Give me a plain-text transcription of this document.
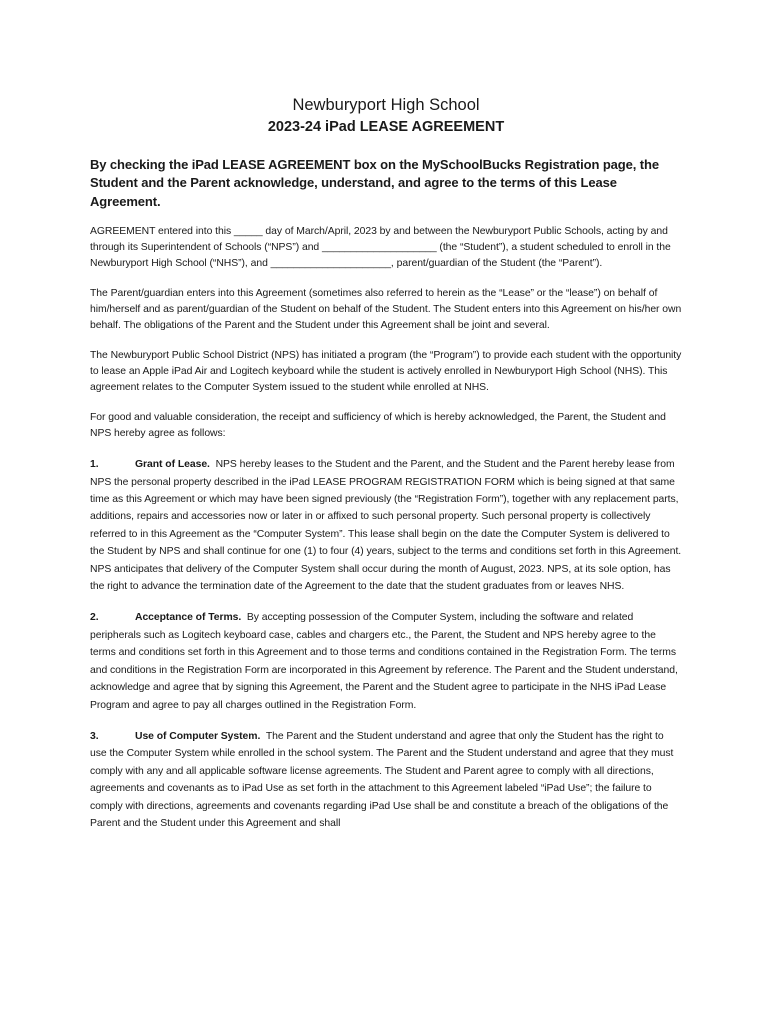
Newburyport High School
2023-24 iPad LEASE AGREEMENT

By checking the iPad LEASE AGREEMENT box on the MySchoolBucks Registration page, the Student and the Parent acknowledge, understand, and agree to the terms of this Lease Agreement.

AGREEMENT entered into this _____ day of March/April, 2023 by and between the Newburyport Public Schools, acting by and through its Superintendent of Schools (“NPS”) and ____________________ (the “Student”), a student scheduled to enroll in the Newburyport High School (“NHS”), and _____________________, parent/guardian of the Student (the “Parent”).

The Parent/guardian enters into this Agreement (sometimes also referred to herein as the “Lease” or the “lease”) on behalf of him/herself and as parent/guardian of the Student on behalf of the Student. The Student enters into this Agreement on his/her own behalf. The obligations of the Parent and the Student under this Agreement shall be joint and several.

The Newburyport Public School District (NPS) has initiated a program (the “Program”) to provide each student with the opportunity to lease an Apple iPad Air and Logitech keyboard while the student is actively enrolled in Newburyport High School (NHS). This agreement relates to the Computer System issued to the student while enrolled at NHS.

For good and valuable consideration, the receipt and sufficiency of which is hereby acknowledged, the Parent, the Student and NPS hereby agree as follows:

1.	Grant of Lease. NPS hereby leases to the Student and the Parent, and the Student and the Parent hereby lease from NPS the personal property described in the iPad LEASE PROGRAM REGISTRATION FORM which is being signed at that same time as this Agreement or which may have been signed previously (the “Registration Form”), together with any replacement parts, additions, repairs and accessories now or later in or affixed to such personal property. Such personal property is collectively referred to in this Agreement as the “Computer System”. This lease shall begin on the date the Computer System is delivered to the Student by NPS and shall continue for one (1) to four (4) years, subject to the terms and conditions set forth in this Agreement. NPS anticipates that delivery of the Computer System shall occur during the month of August, 2023. NPS, at its sole option, has the right to advance the termination date of the Agreement to the date that the student graduates from or leaves NHS.

2.	Acceptance of Terms. By accepting possession of the Computer System, including the software and related peripherals such as Logitech keyboard case, cables and chargers etc., the Parent, the Student and NPS hereby agree to the terms and conditions set forth in this Agreement and to those terms and conditions contained in the Registration Form. The terms and conditions in the Registration Form are incorporated in this Agreement by reference. The Parent and the Student understand, acknowledge and agree that by signing this Agreement, the Parent and the Student agree to participate in the NHS iPad Lease Program and agree to pay all charges outlined in the Registration Form.

3.	Use of Computer System. The Parent and the Student understand and agree that only the Student has the right to use the Computer System while enrolled in the school system. The Parent and the Student understand and agree that they must comply with any and all applicable software license agreements. The Student and Parent agree to comply with all directions, agreements and covenants as to iPad Use as set forth in the attachment to this Agreement labeled “iPad Use”; the failure to comply with directions, agreements and covenants regarding iPad Use shall be and constitute a breach of the obligations of the Parent and the Student under this Agreement and shall
